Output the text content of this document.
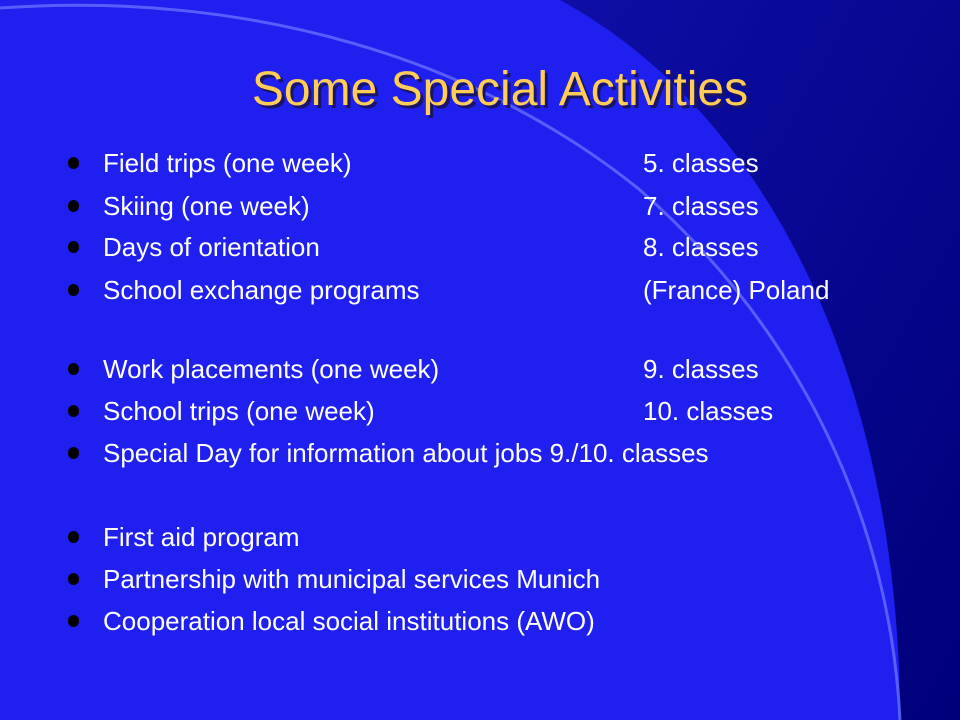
Some Special Activities
Field trips (one week)	5. classes
Skiing (one week)	7. classes
Days of orientation	8. classes
School exchange programs	(France) Poland
Work placements (one week)	9. classes
School trips (one week)	10. classes
Special Day for information about jobs 9./10. classes
First aid program
Partnership with municipal services Munich
Cooperation local social institutions (AWO)
